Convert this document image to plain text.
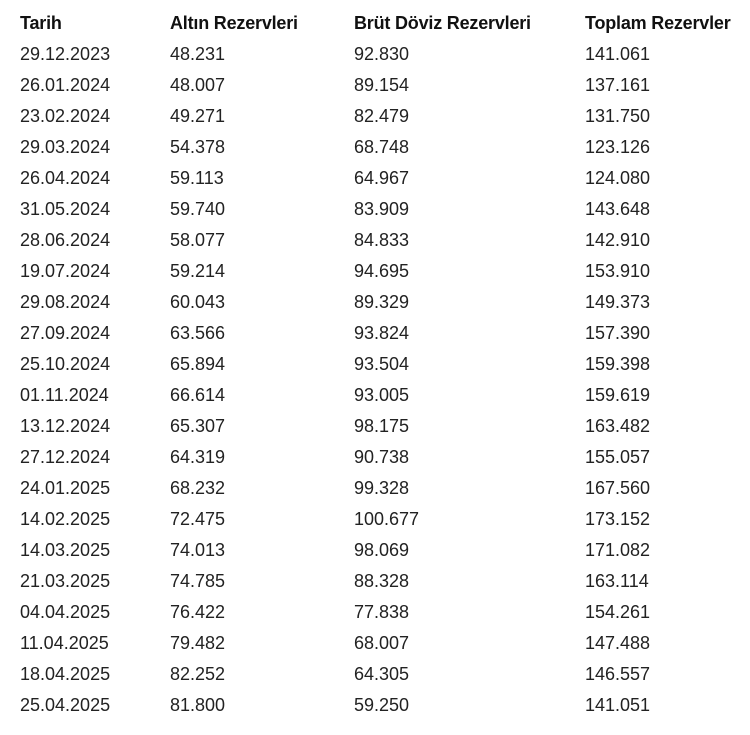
Tarih	Altın Rezervleri	Brüt Döviz Rezervleri	Toplam Rezervler
29.12.2023	48.231	92.830	141.061
26.01.2024	48.007	89.154	137.161
23.02.2024	49.271	82.479	131.750
29.03.2024	54.378	68.748	123.126
26.04.2024	59.113	64.967	124.080
31.05.2024	59.740	83.909	143.648
28.06.2024	58.077	84.833	142.910
19.07.2024	59.214	94.695	153.910
29.08.2024	60.043	89.329	149.373
27.09.2024	63.566	93.824	157.390
25.10.2024	65.894	93.504	159.398
01.11.2024	66.614	93.005	159.619
13.12.2024	65.307	98.175	163.482
27.12.2024	64.319	90.738	155.057
24.01.2025	68.232	99.328	167.560
14.02.2025	72.475	100.677	173.152
14.03.2025	74.013	98.069	171.082
21.03.2025	74.785	88.328	163.114
04.04.2025	76.422	77.838	154.261
11.04.2025	79.482	68.007	147.488
18.04.2025	82.252	64.305	146.557
25.04.2025	81.800	59.250	141.051
